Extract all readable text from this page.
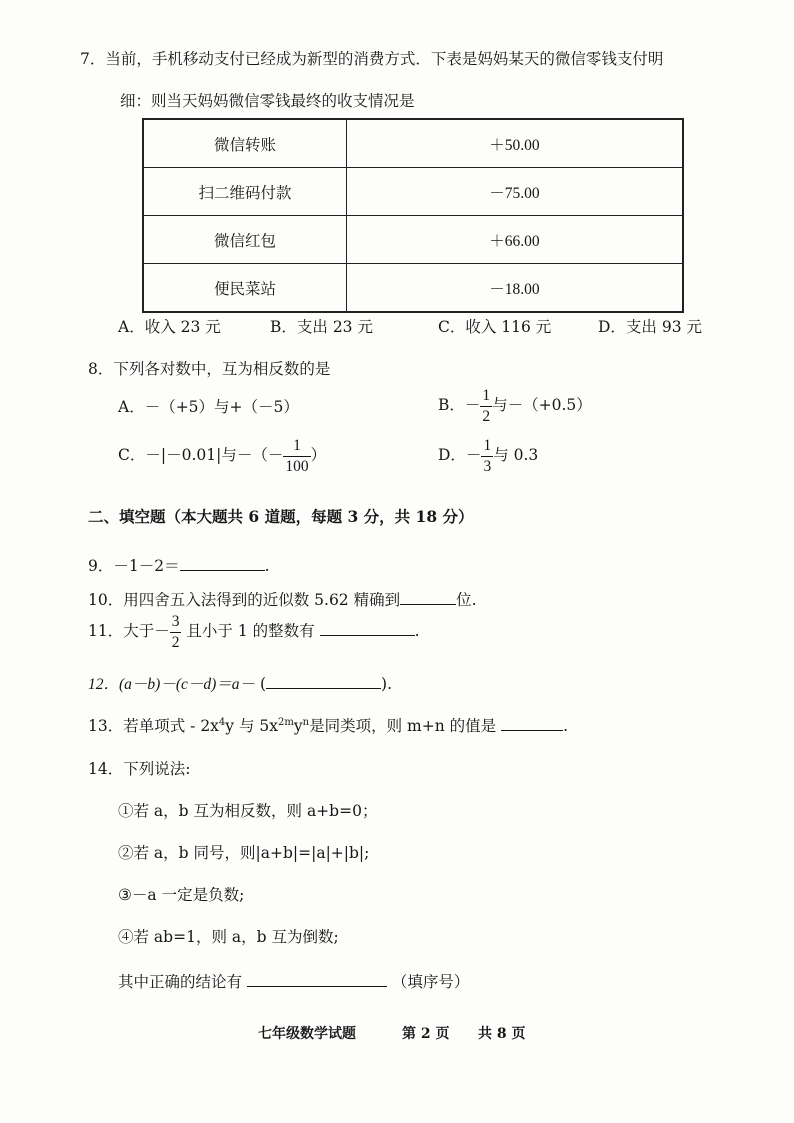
7．当前，手机移动支付已经成为新型的消费方式．下表是妈妈某天的微信零钱支付明
细：则当天妈妈微信零钱最终的收支情况是
微信转账	＋50.00
扫二维码付款	－75.00
微信红包	＋66.00
便民菜站	－18.00
A．收入 23 元	B．支出 23 元	C．收入 116 元	D．支出 93 元
8．下列各对数中，互为相反数的是
A．－（+5）与+（－5）	B．－ $\frac{1}{2}$ 与－（+0.5）
C．－|－0.01|与－（－ $\frac{1}{100}$ ）	D．－ $\frac{1}{3}$ 与 0.3
二、填空题（本大题共 6 道题，每题 3 分，共 18 分）
9．－1－2＝	.
10．用四舍五入法得到的近似数 5.62 精确到	位.
11．大于－ $\frac{3}{2}$ 且小于 1 的整数有	.
12．(a－b)－(c－d)＝a－ (	).
13．若单项式 - $2x^4y$ 与 $5x^{2m}y^n$是同类项，则 m+n 的值是	.
14．下列说法:
①若 a，b 互为相反数，则 a+b=0；
②若 a，b 同号，则|a+b|=|a|+|b|;
③－a 一定是负数;
④若 ab=1，则 a，b 互为倒数;
其中正确的结论有	（填序号）
七年级数学试题	第 2 页 共 8 页
